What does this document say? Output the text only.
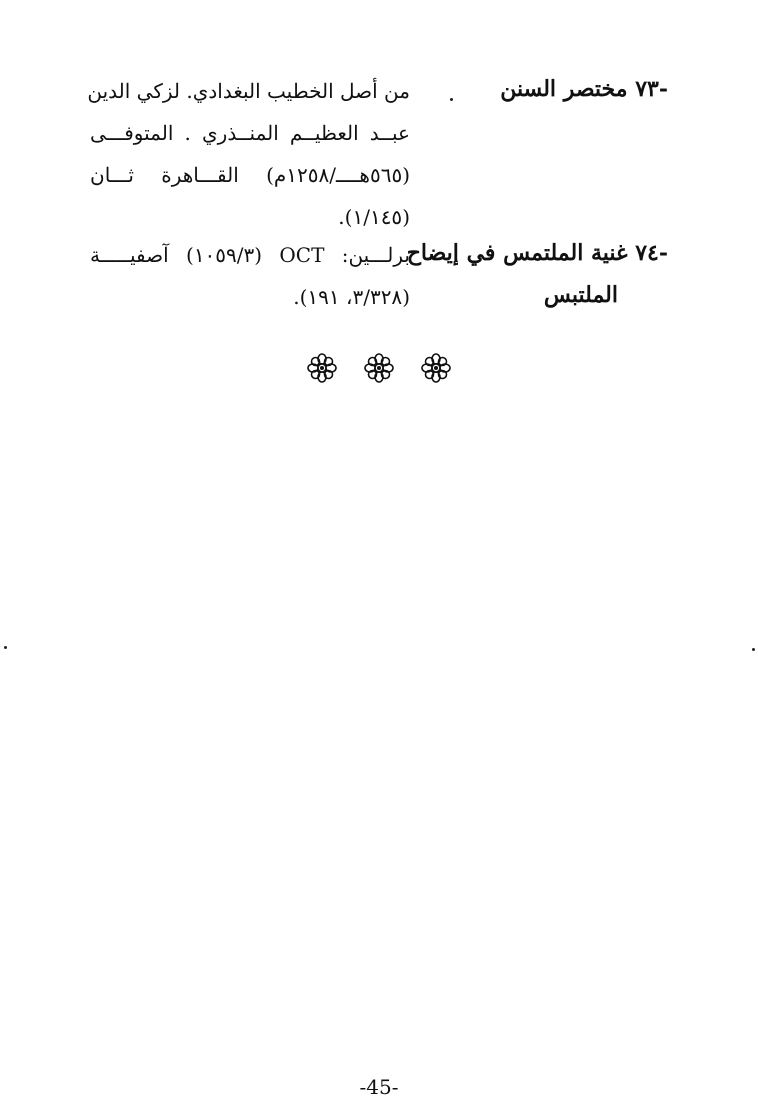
-٧٣ مختصر السنن
من أصل الخطيب البغدادي. لزكي الدين
عبــد العظيــم المنــذري . المتوفـــى
(٥٦٥هــــ/١٢٥٨م) القـــاهرة ثـــان
(١/١٤٥).
-٧٤ غنية الملتمس في إيضاح
الملتبس
برلـــين: OCT (١٠٥٩/٣) آصفيـــــة
(٣/٣٢٨، ١٩١).

-45-
